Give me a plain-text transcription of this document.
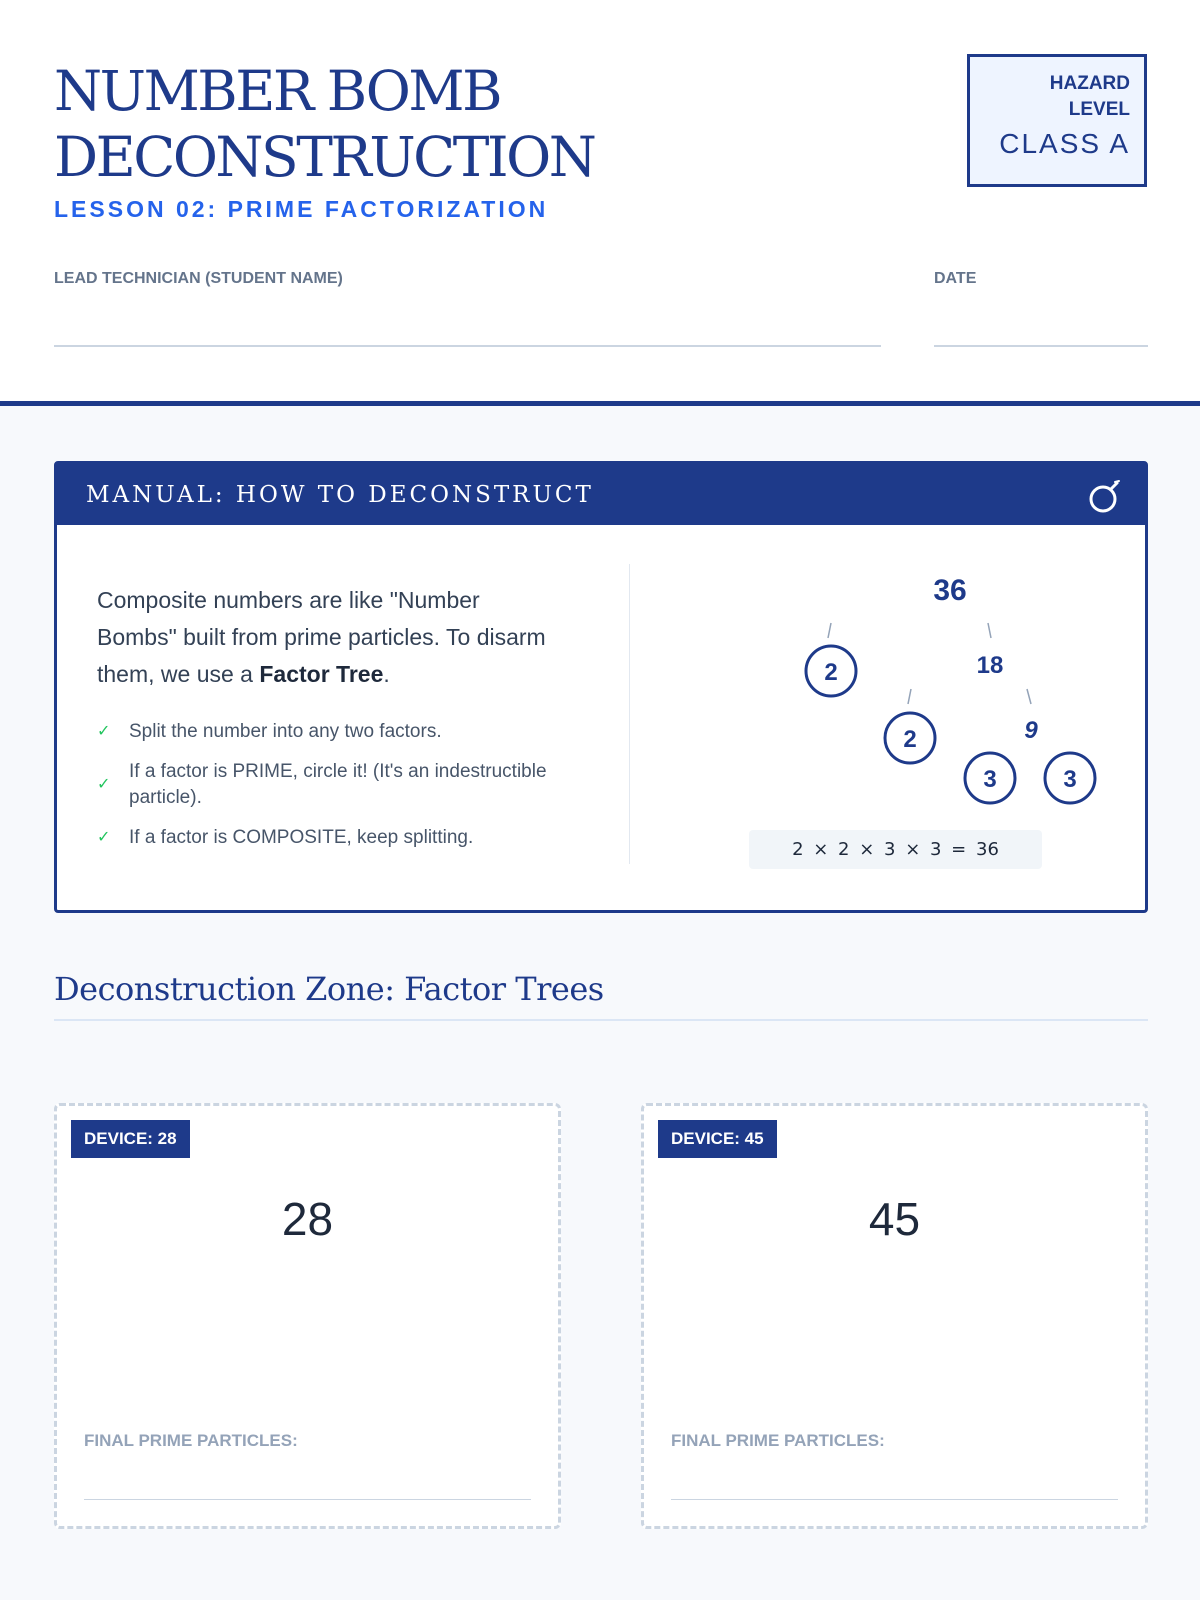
NUMBER BOMB
DECONSTRUCTION
LESSON 02: PRIME FACTORIZATION
HAZARD
LEVEL
CLASS A
LEAD TECHNICIAN (STUDENT NAME)	DATE
MANUAL: HOW TO DECONSTRUCT

Composite numbers are like "Number Bombs" built from prime particles. To disarm them, we use a Factor Tree.

✓ Split the number into any two factors.
✓
If a factor is PRIME, circle it! (It's an indestructible particle).
✓ If a factor is COMPOSITE, keep splitting.
36
2	18
2	9
3	3
2 × 2 × 3 × 3 = 36
Deconstruction Zone: Factor Trees
DEVICE: 28
28
FINAL PRIME PARTICLES:
DEVICE: 45
45
FINAL PRIME PARTICLES:
